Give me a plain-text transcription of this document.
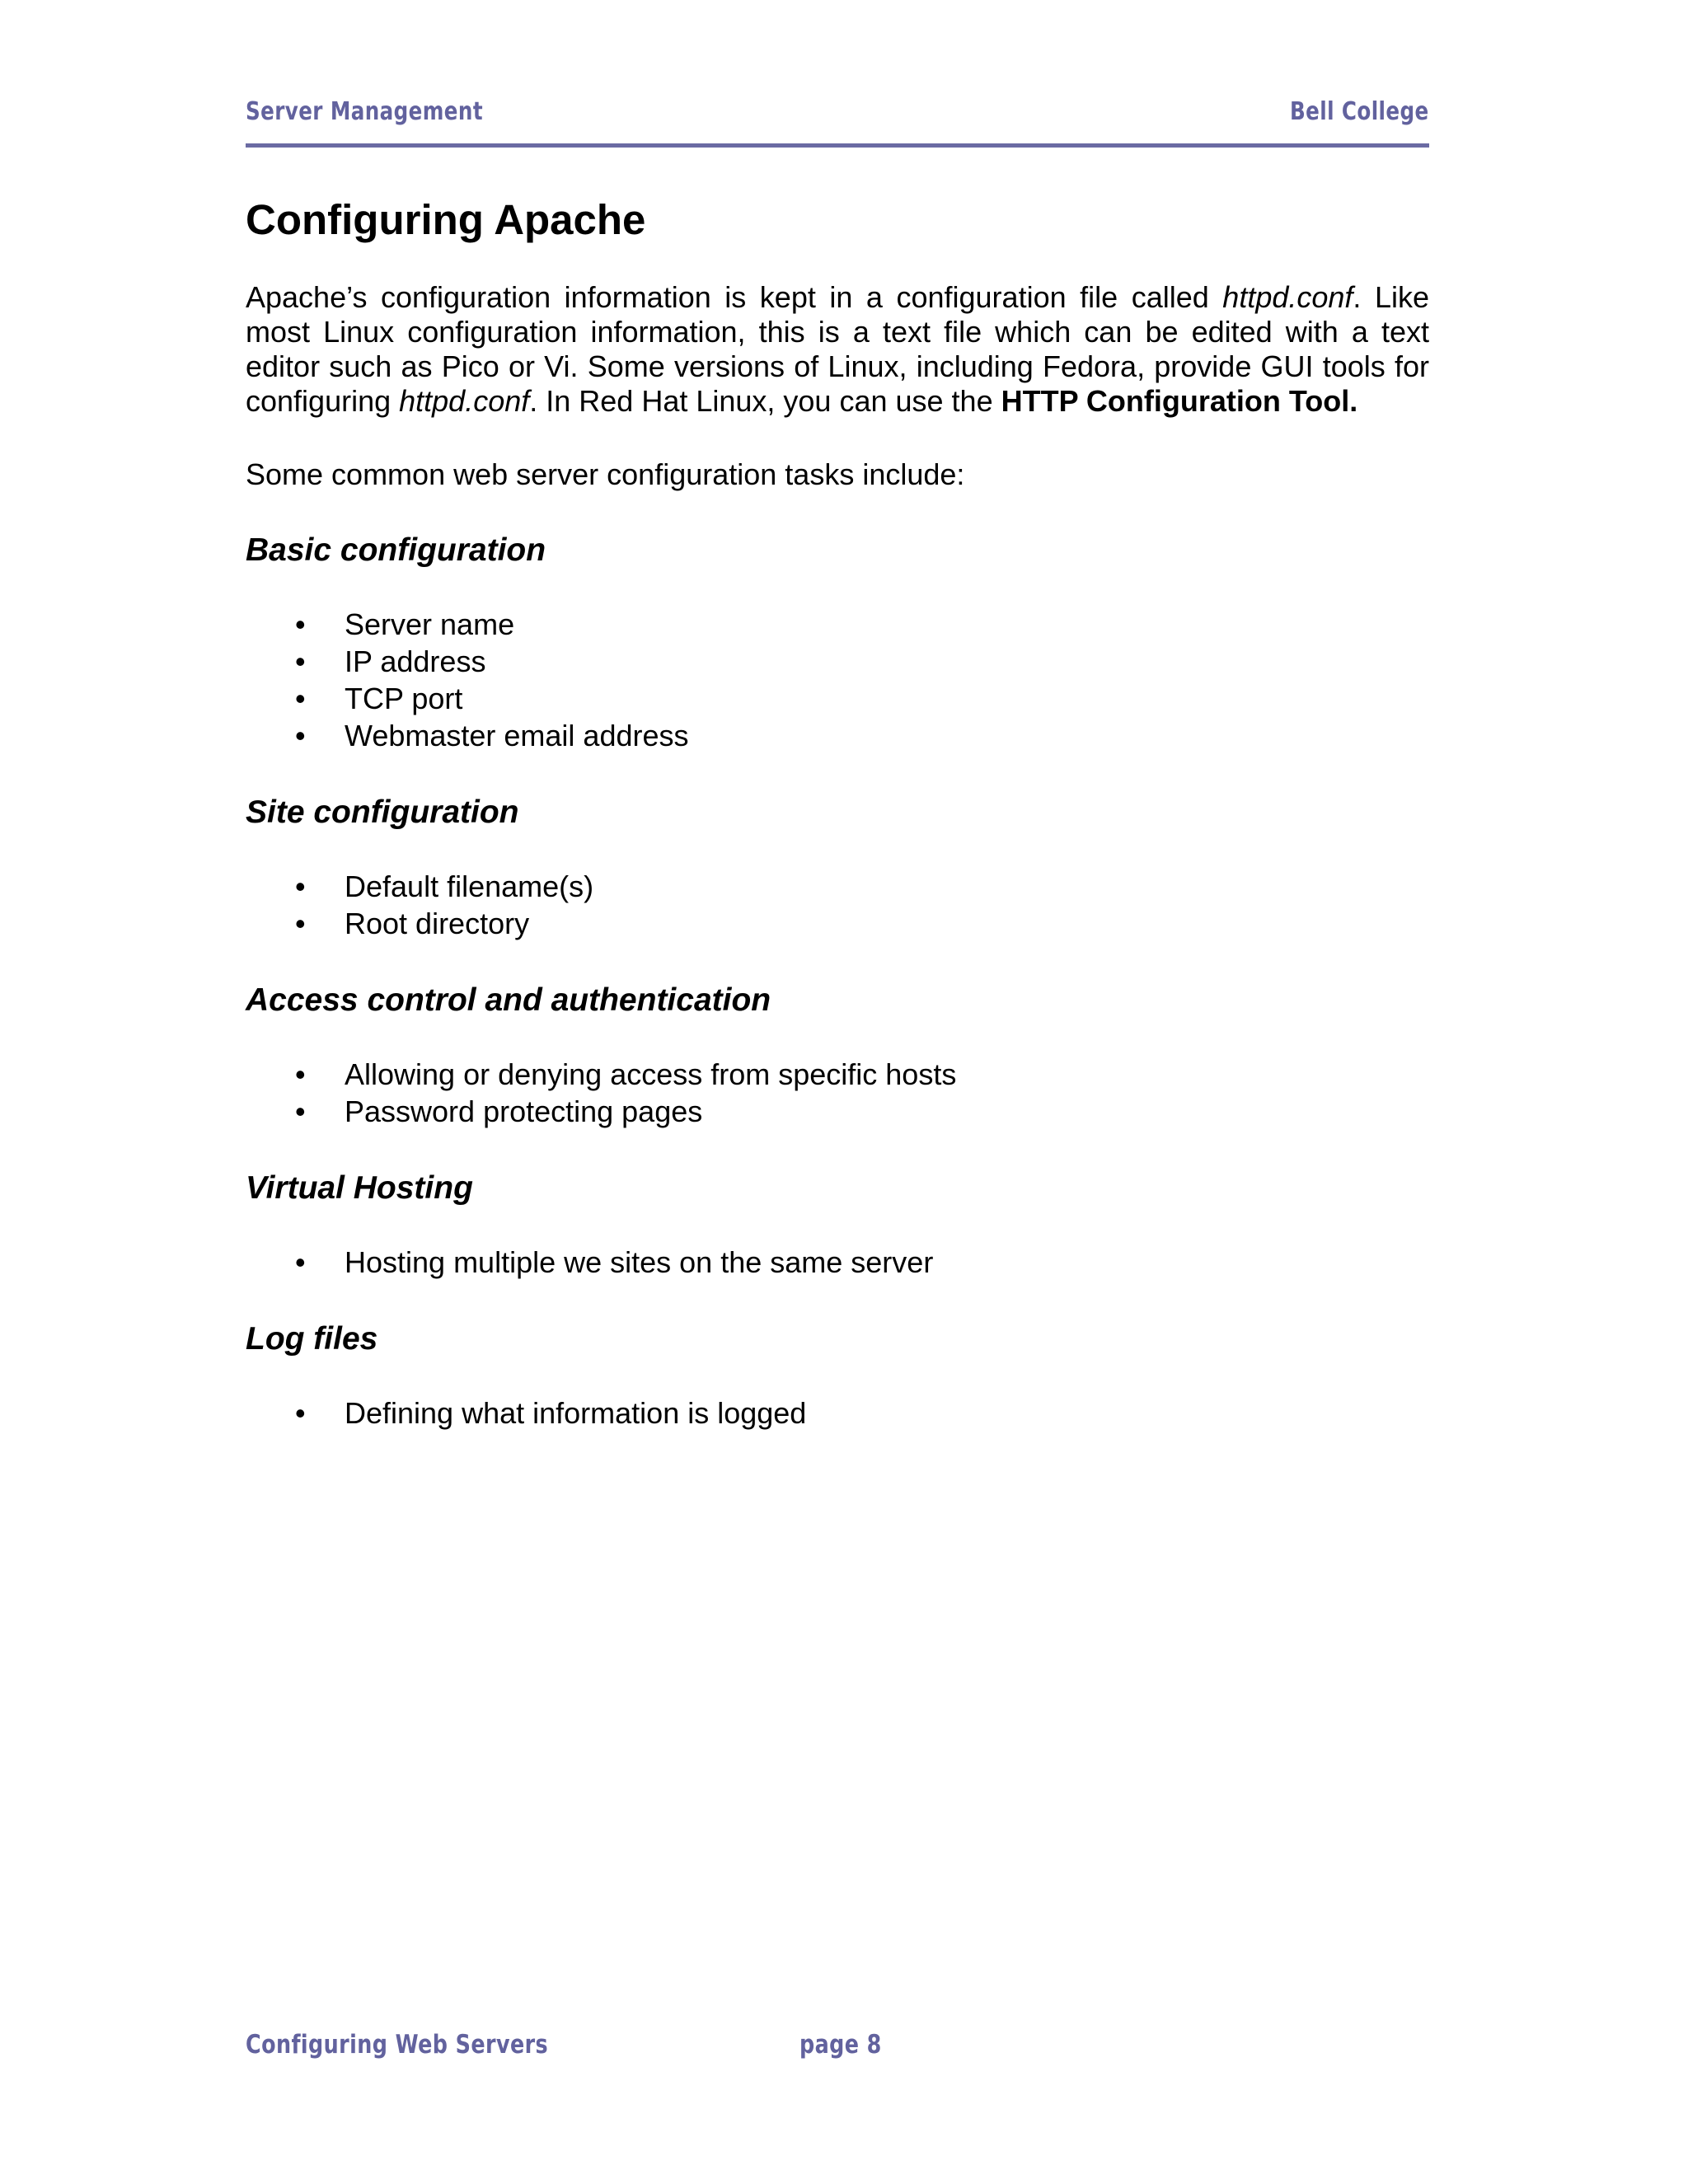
Server Management	Bell College
Configuring Apache

Apache’s configuration information is kept in a configuration file called httpd.conf. Like most Linux configuration information, this is a text file which can be edited with a text editor such as Pico or Vi. Some versions of Linux, including Fedora, provide GUI tools for configuring httpd.conf. In Red Hat Linux, you can use the HTTP Configuration Tool.

Some common web server configuration tasks include:

Basic configuration
• Server name
• IP address
• TCP port
• Webmaster email address
Site configuration
• Default filename(s)
• Root directory
Access control and authentication
• Allowing or denying access from specific hosts
• Password protecting pages
Virtual Hosting
• Hosting multiple we sites on the same server
Log files
• Defining what information is logged
Configuring Web Servers	page 8
